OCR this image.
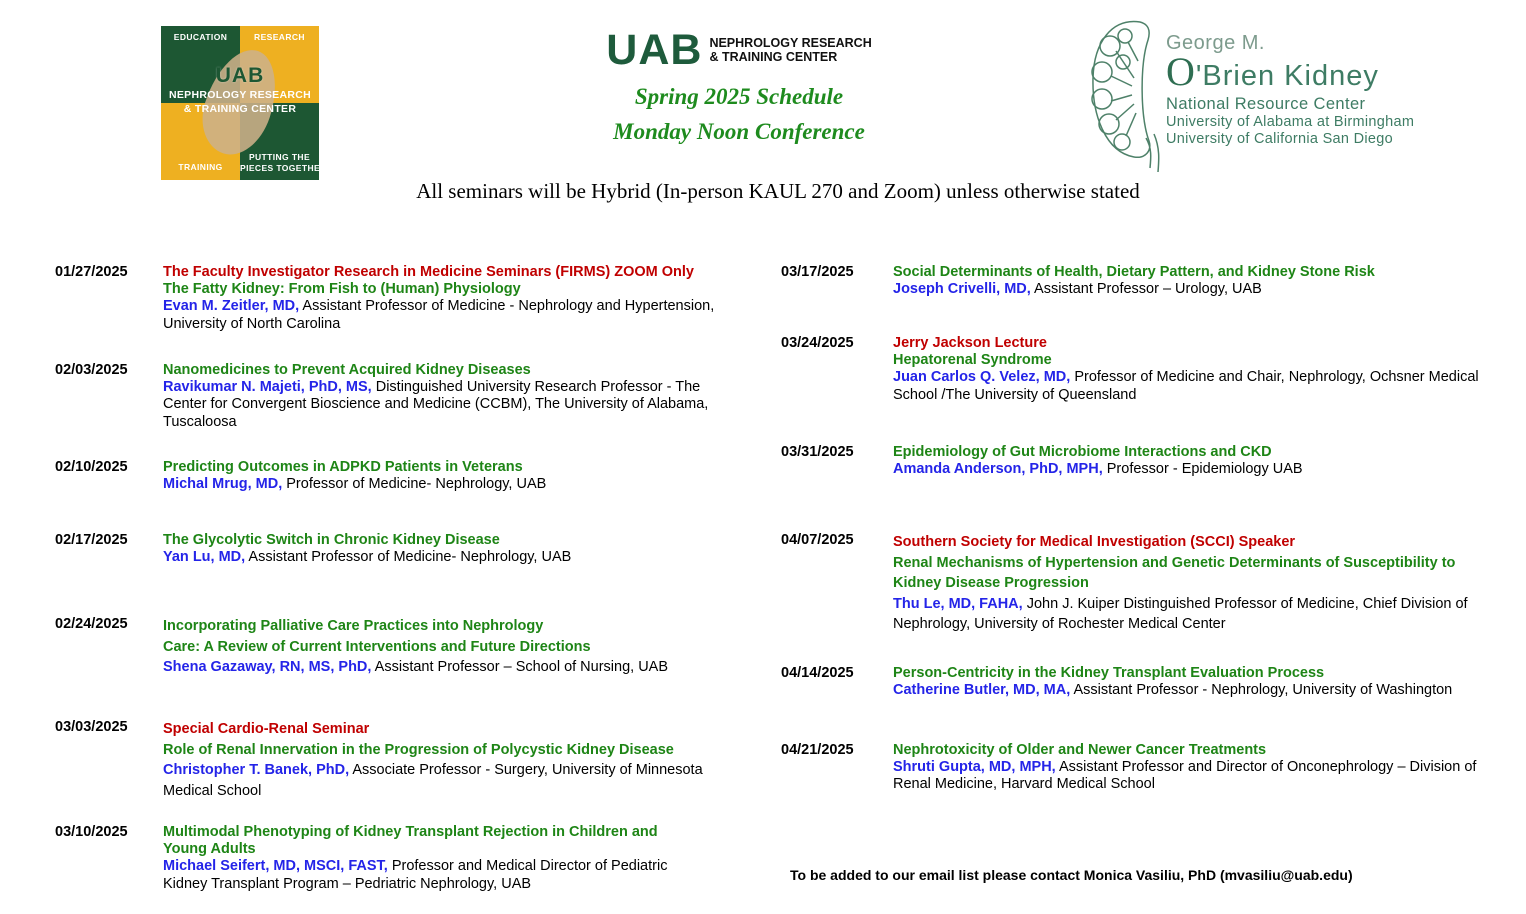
EDUCATION	RESEARCH
TRAINING
PUTTING THE
PIECES TOGETHER
UAB
NEPHROLOGY RESEARCH
& TRAINING CENTER
UAB NEPHROLOGY RESEARCH
& TRAINING CENTER
Spring 2025 Schedule
Monday Noon Conference
George M.
O'Brien Kidney
National Resource Center
University of Alabama at Birmingham
University of California San Diego
All seminars will be Hybrid (In-person KAUL 270 and Zoom) unless otherwise stated
01/27/2025	The Faculty Investigator Research in Medicine Seminars (FIRMS) ZOOM Only

The Fatty Kidney: From Fish to (Human) Physiology

Evan M. Zeitler, MD, Assistant Professor of Medicine - Nephrology and Hypertension, University of North Carolina

02/03/2025	Nanomedicines to Prevent Acquired Kidney Diseases

Ravikumar N. Majeti, PhD, MS, Distinguished University Research Professor - The Center for Convergent Bioscience and Medicine (CCBM), The University of Alabama, Tuscaloosa

02/10/2025	Predicting Outcomes in ADPKD Patients in Veterans

Michal Mrug, MD, Professor of Medicine- Nephrology, UAB

02/17/2025	The Glycolytic Switch in Chronic Kidney Disease

Yan Lu, MD, Assistant Professor of Medicine- Nephrology, UAB

02/24/2025	Incorporating Palliative Care Practices into Nephrology

Care: A Review of Current Interventions and Future Directions

Shena Gazaway, RN, MS, PhD, Assistant Professor – School of Nursing, UAB

03/03/2025	Special Cardio-Renal Seminar

Role of Renal Innervation in the Progression of Polycystic Kidney Disease

Christopher T. Banek, PhD, Associate Professor - Surgery, University of Minnesota Medical School

03/10/2025	Multimodal Phenotyping of Kidney Transplant Rejection in Children and

Young Adults

Michael Seifert, MD, MSCI, FAST, Professor and Medical Director of Pediatric Kidney Transplant Program – Pedriatric Nephrology, UAB

03/17/2025	Social Determinants of Health, Dietary Pattern, and Kidney Stone Risk

Joseph Crivelli, MD, Assistant Professor – Urology, UAB

03/24/2025	Jerry Jackson Lecture

Hepatorenal Syndrome

Juan Carlos Q. Velez, MD, Professor of Medicine and Chair, Nephrology, Ochsner Medical School /The University of Queensland

03/31/2025	Epidemiology of Gut Microbiome Interactions and CKD

Amanda Anderson, PhD, MPH, Professor - Epidemiology UAB

04/07/2025	Southern Society for Medical Investigation (SCCI) Speaker

Renal Mechanisms of Hypertension and Genetic Determinants of Susceptibility to

Kidney Disease Progression

Thu Le, MD, FAHA, John J. Kuiper Distinguished Professor of Medicine, Chief Division of Nephrology, University of Rochester Medical Center

04/14/2025	Person-Centricity in the Kidney Transplant Evaluation Process

Catherine Butler, MD, MA, Assistant Professor - Nephrology, University of Washington

04/21/2025	Nephrotoxicity of Older and Newer Cancer Treatments

Shruti Gupta, MD, MPH, Assistant Professor and Director of Onconephrology – Division of Renal Medicine, Harvard Medical School

To be added to our email list please contact Monica Vasiliu, PhD (mvasiliu@uab.edu)
